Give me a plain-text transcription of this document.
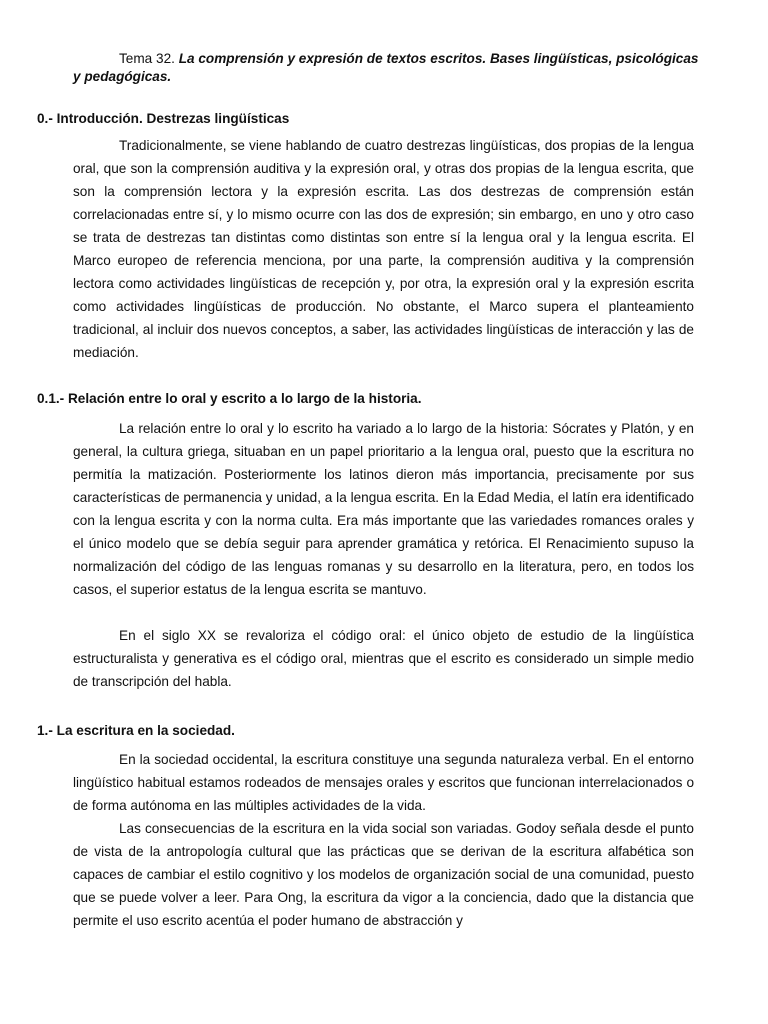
Tema 32. La comprensión y expresión de textos escritos. Bases lingüísticas, psicológicas y pedagógicas.
0.- Introducción. Destrezas lingüísticas

Tradicionalmente, se viene hablando de cuatro destrezas lingüísticas, dos propias de la lengua oral, que son la comprensión auditiva y la expresión oral, y otras dos propias de la lengua escrita, que son la comprensión lectora y la expresión escrita. Las dos destrezas de comprensión están correlacionadas entre sí, y lo mismo ocurre con las dos de expresión; sin embargo, en uno y otro caso se trata de destrezas tan distintas como distintas son entre sí la lengua oral y la lengua escrita. El Marco europeo de referencia menciona, por una parte, la comprensión auditiva y la comprensión lectora como actividades lingüísticas de recepción y, por otra, la expresión oral y la expresión escrita como actividades lingüísticas de producción. No obstante, el Marco supera el planteamiento tradicional, al incluir dos nuevos conceptos, a saber, las actividades lingüísticas de interacción y las de mediación.

0.1.- Relación entre lo oral y escrito a lo largo de la historia.

La relación entre lo oral y lo escrito ha variado a lo largo de la historia: Sócrates y Platón, y en general, la cultura griega, situaban en un papel prioritario a la lengua oral, puesto que la escritura no permitía la matización. Posteriormente los latinos dieron más importancia, precisamente por sus características de permanencia y unidad, a la lengua escrita. En la Edad Media, el latín era identificado con la lengua escrita y con la norma culta. Era más importante que las variedades romances orales y el único modelo que se debía seguir para aprender gramática y retórica. El Renacimiento supuso la normalización del código de las lenguas romanas y su desarrollo en la literatura, pero, en todos los casos, el superior estatus de la lengua escrita se mantuvo.

En el siglo XX se revaloriza el código oral: el único objeto de estudio de la lingüística estructuralista y generativa es el código oral, mientras que el escrito es considerado un simple medio de transcripción del habla.

1.- La escritura en la sociedad.

En la sociedad occidental, la escritura constituye una segunda naturaleza verbal. En el entorno lingüístico habitual estamos rodeados de mensajes orales y escritos que funcionan interrelacionados o de forma autónoma en las múltiples actividades de la vida.

Las consecuencias de la escritura en la vida social son variadas. Godoy señala desde el punto de vista de la antropología cultural que las prácticas que se derivan de la escritura alfabética son capaces de cambiar el estilo cognitivo y los modelos de organización social de una comunidad, puesto que se puede volver a leer. Para Ong, la escritura da vigor a la conciencia, dado que la distancia que permite el uso escrito acentúa el poder humano de abstracción y
